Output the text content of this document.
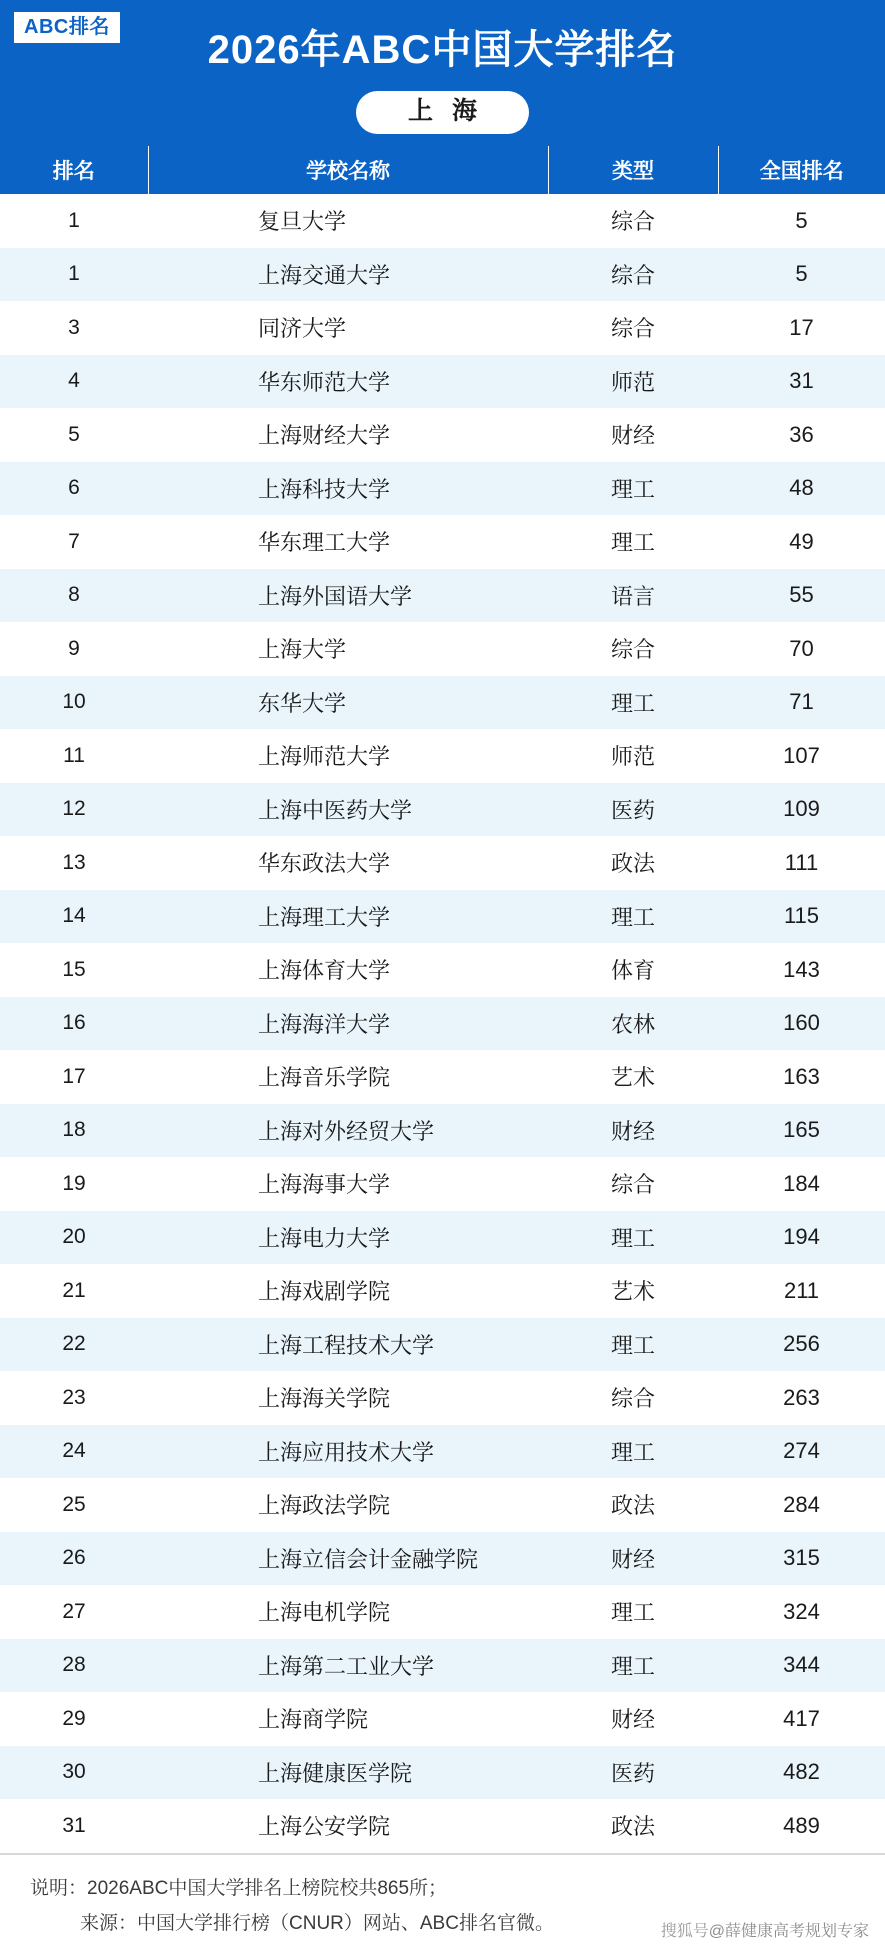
ABC排名
2026年ABC中国大学排名
上 海
排名	学校名称	类型	全国排名
1	复旦大学	综合	5
1	上海交通大学	综合	5
3	同济大学	综合	17
4	华东师范大学	师范	31
5	上海财经大学	财经	36
6	上海科技大学	理工	48
7	华东理工大学	理工	49
8	上海外国语大学	语言	55
9	上海大学	综合	70
10	东华大学	理工	71
11	上海师范大学	师范	107
12	上海中医药大学	医药	109
13	华东政法大学	政法	111
14	上海理工大学	理工	115
15	上海体育大学	体育	143
16	上海海洋大学	农林	160
17	上海音乐学院	艺术	163
18	上海对外经贸大学	财经	165
19	上海海事大学	综合	184
20	上海电力大学	理工	194
21	上海戏剧学院	艺术	211
22	上海工程技术大学	理工	256
23	上海海关学院	综合	263
24	上海应用技术大学	理工	274
25	上海政法学院	政法	284
26	上海立信会计金融学院	财经	315
27	上海电机学院	理工	324
28	上海第二工业大学	理工	344
29	上海商学院	财经	417
30	上海健康医学院	医药	482
31	上海公安学院	政法	489
说明：2026ABC中国大学排名上榜院校共865所；
来源：中国大学排行榜（CNUR）网站、ABC排名官微。	搜狐号@薛健康高考规划专家
